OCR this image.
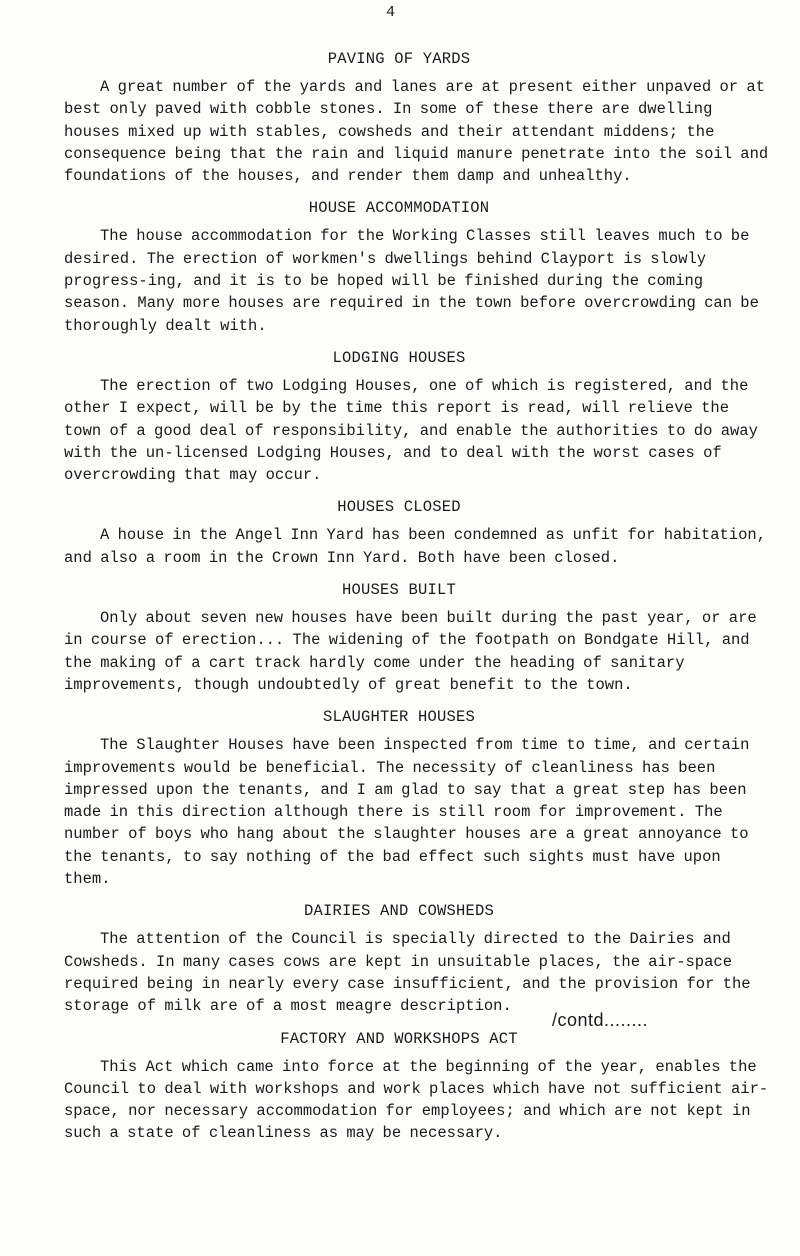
4
PAVING OF YARDS

A great number of the yards and lanes are at present either unpaved or at best only paved with cobble stones. In some of these there are dwelling houses mixed up with stables, cowsheds and their attendant middens; the consequence being that the rain and liquid manure penetrate into the soil and foundations of the houses, and render them damp and unhealthy.

HOUSE ACCOMMODATION

The house accommodation for the Working Classes still leaves much to be desired. The erection of workmen's dwellings behind Clayport is slowly progress-ing, and it is to be hoped will be finished during the coming season. Many more houses are required in the town before overcrowding can be thoroughly dealt with.

LODGING HOUSES

The erection of two Lodging Houses, one of which is registered, and the other I expect, will be by the time this report is read, will relieve the town of a good deal of responsibility, and enable the authorities to do away with the un-licensed Lodging Houses, and to deal with the worst cases of overcrowding that may occur.

HOUSES CLOSED

A house in the Angel Inn Yard has been condemned as unfit for habitation, and also a room in the Crown Inn Yard. Both have been closed.

HOUSES BUILT

Only about seven new houses have been built during the past year, or are in course of erection... The widening of the footpath on Bondgate Hill, and the making of a cart track hardly come under the heading of sanitary improvements, though undoubtedly of great benefit to the town.

SLAUGHTER HOUSES

The Slaughter Houses have been inspected from time to time, and certain improvements would be beneficial. The necessity of cleanliness has been impressed upon the tenants, and I am glad to say that a great step has been made in this direction although there is still room for improvement. The number of boys who hang about the slaughter houses are a great annoyance to the tenants, to say nothing of the bad effect such sights must have upon them.

DAIRIES AND COWSHEDS

The attention of the Council is specially directed to the Dairies and Cowsheds. In many cases cows are kept in unsuitable places, the air-space required being in nearly every case insufficient, and the provision for the storage of milk are of a most meagre description.

FACTORY AND WORKSHOPS ACT

This Act which came into force at the beginning of the year, enables the Council to deal with workshops and work places which have not sufficient air-space, nor necessary accommodation for employees; and which are not kept in such a state of cleanliness as may be necessary.

/contd........
